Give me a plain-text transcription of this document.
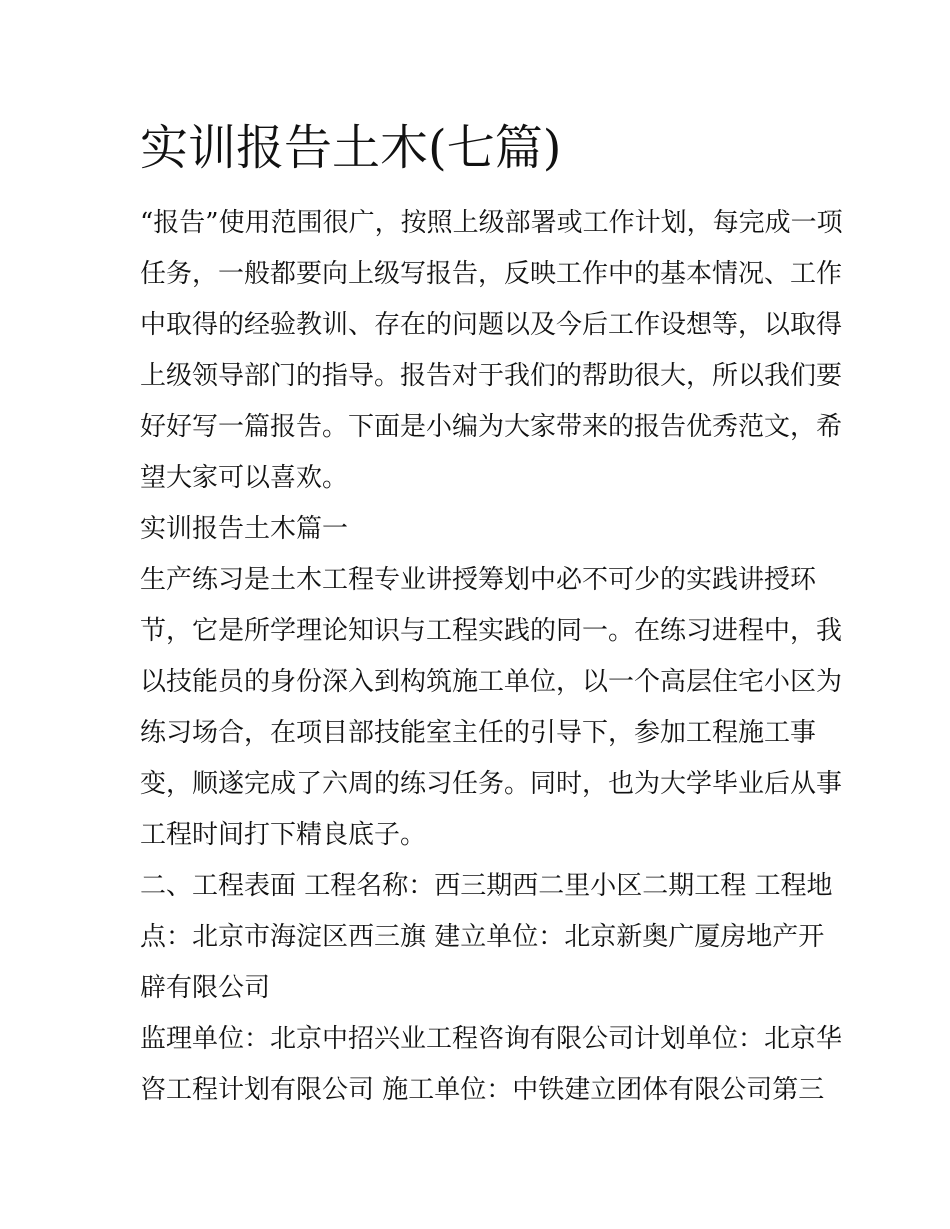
实训报告土木(七篇)

“报告”使用范围很广，按照上级部署或工作计划，每完成一项
任务，一般都要向上级写报告，反映工作中的基本情况、工作
中取得的经验教训、存在的问题以及今后工作设想等，以取得
上级领导部门的指导。报告对于我们的帮助很大，所以我们要
好好写一篇报告。下面是小编为大家带来的报告优秀范文，希
望大家可以喜欢。

实训报告土木篇一

生产练习是土木工程专业讲授筹划中必不可少的实践讲授环
节，它是所学理论知识与工程实践的同一。在练习进程中，我
以技能员的身份深入到构筑施工单位，以一个高层住宅小区为
练习场合，在项目部技能室主任的引导下，参加工程施工事
变，顺遂完成了六周的练习任务。同时，也为大学毕业后从事
工程时间打下精良底子。

二、工程表面 工程名称：西三期西二里小区二期工程 工程地
点：北京市海淀区西三旗 建立单位：北京新奥广厦房地产开
辟有限公司

监理单位：北京中招兴业工程咨询有限公司计划单位：北京华
咨工程计划有限公司 施工单位：中铁建立团体有限公司第三
